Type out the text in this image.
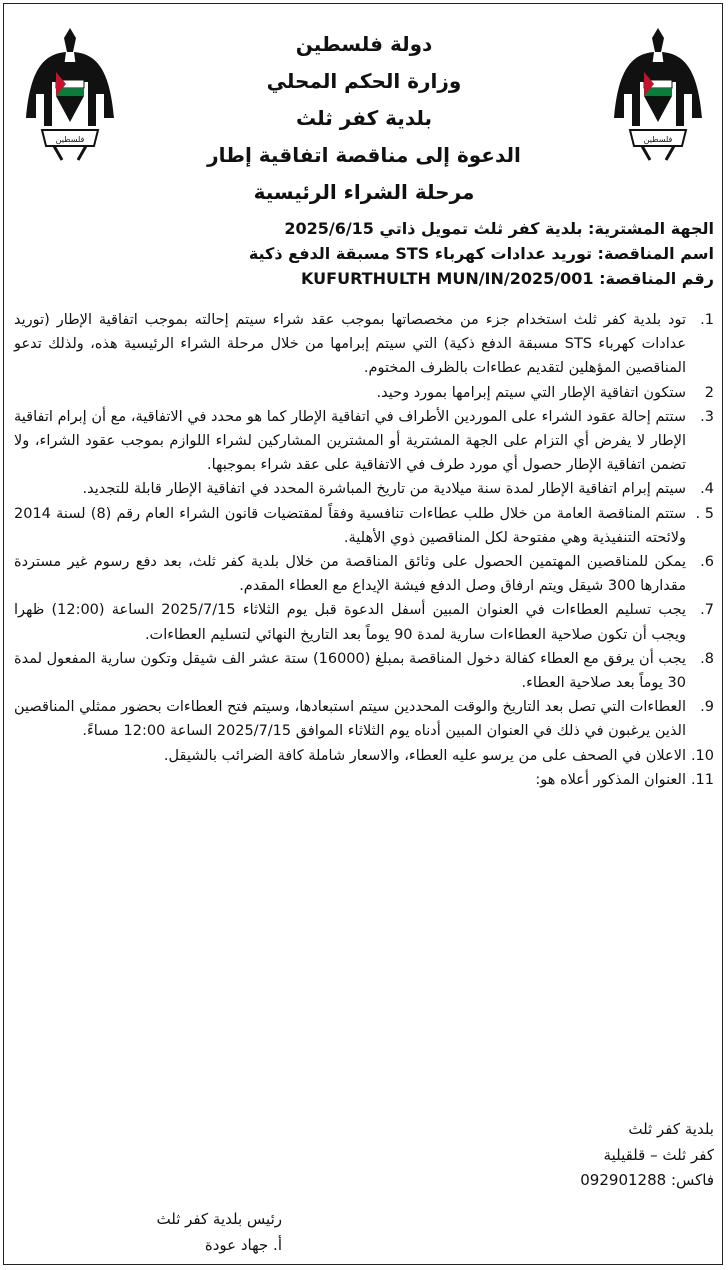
فلسطين	فلسطين
دولة فلسطين
وزارة الحكم المحلي
بلدية كفر ثلث
الدعوة إلى مناقصة اتفاقية إطار
مرحلة الشراء الرئيسية
الجهة المشترية: بلدية كفر ثلث تمويل ذاتي 2025/6/15
اسم المناقصة: توريد عدادات كهرباء STS مسبقة الدفع ذكية
رقم المناقصة: KUFURTHULTH MUN/IN/2025/001
1.تود بلدية كفر ثلث استخدام جزء من مخصصاتها بموجب عقد شراء سيتم إحالته بموجب اتفاقية الإطار (توريد عدادات كهرباء STS مسبقة الدفع ذكية) التي سيتم إبرامها من خلال مرحلة الشراء الرئيسية هذه، ولذلك تدعو المناقصين المؤهلين لتقديم عطاءات بالظرف المختوم.
2ستكون اتفاقية الإطار التي سيتم إبرامها بمورد وحيد.
3.ستتم إحالة عقود الشراء على الموردين الأطراف في اتفاقية الإطار كما هو محدد في الاتفاقية، مع أن إبرام اتفاقية الإطار لا يفرض أي التزام على الجهة المشترية أو المشترين المشاركين لشراء اللوازم بموجب عقود الشراء، ولا تضمن اتفاقية الإطار حصول أي مورد طرف في الاتفاقية على عقد شراء بموجبها.
4.سيتم إبرام اتفاقية الإطار لمدة سنة ميلادية من تاريخ المباشرة المحدد في اتفاقية الإطار قابلة للتجديد.
5 .ستتم المناقصة العامة من خلال طلب عطاءات تنافسية وفقاً لمقتضيات قانون الشراء العام رقم (8) لسنة 2014 ولائحته التنفيذية وهي مفتوحة لكل المناقصين ذوي الأهلية.
6.يمكن للمناقصين المهتمين الحصول على وثائق المناقصة من خلال بلدية كفر ثلث، بعد دفع رسوم غير مستردة مقدارها 300 شيقل ويتم ارفاق وصل الدفع فيشة الإيداع مع العطاء المقدم.
7.يجب تسليم العطاءات في العنوان المبين أسفل الدعوة قبل يوم الثلاثاء 2025/7/15 الساعة (12:00) ظهرا ويجب أن تكون صلاحية العطاءات سارية لمدة 90 يوماً بعد التاريخ النهائي لتسليم العطاءات.
8.يجب أن يرفق مع العطاء كفالة دخول المناقصة بمبلغ (16000) ستة عشر الف شيقل وتكون سارية المفعول لمدة 30 يوماً بعد صلاحية العطاء.
9.العطاءات التي تصل بعد التاريخ والوقت المحددين سيتم استبعادها، وسيتم فتح العطاءات بحضور ممثلي المناقصين الذين يرغبون في ذلك في العنوان المبين أدناه يوم الثلاثاء الموافق 2025/7/15 الساعة 12:00 مساءً.
10.الاعلان في الصحف على من يرسو عليه العطاء، والاسعار شاملة كافة الضرائب بالشيقل.
11.العنوان المذكور أعلاه هو:
بلدية كفر ثلث
كفر ثلث – قلقيلية
فاكس: 092901288
رئيس بلدية كفر ثلث
أ. جهاد عودة
